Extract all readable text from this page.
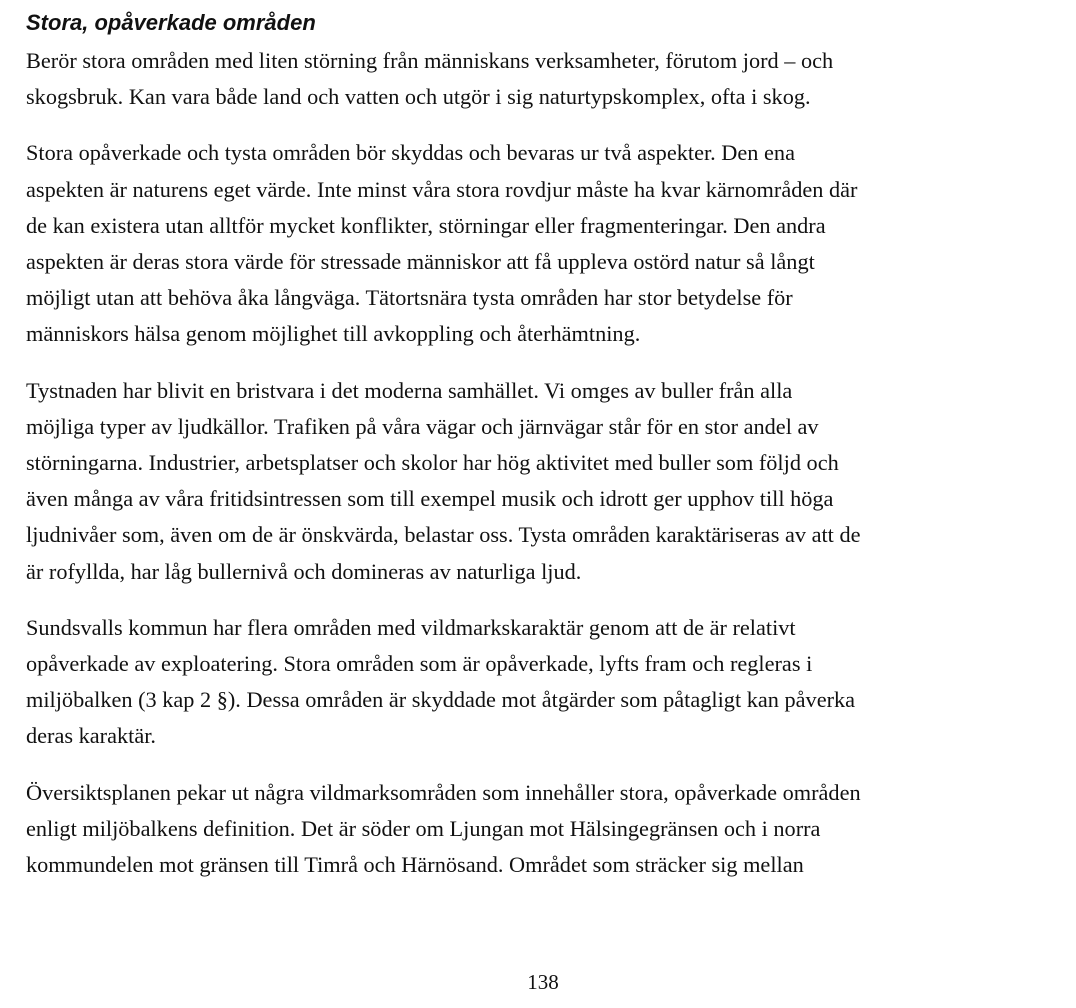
Stora, opåverkade områden

Berör stora områden med liten störning från människans verksamheter, förutom jord – och
skogsbruk. Kan vara både land och vatten och utgör i sig naturtypskomplex, ofta i skog.

Stora opåverkade och tysta områden bör skyddas och bevaras ur två aspekter. Den ena
aspekten är naturens eget värde. Inte minst våra stora rovdjur måste ha kvar kärnområden där
de kan existera utan alltför mycket konflikter, störningar eller fragmenteringar. Den andra
aspekten är deras stora värde för stressade människor att få uppleva ostörd natur så långt
möjligt utan att behöva åka långväga. Tätortsnära tysta områden har stor betydelse för
människors hälsa genom möjlighet till avkoppling och återhämtning.

Tystnaden har blivit en bristvara i det moderna samhället. Vi omges av buller från alla
möjliga typer av ljudkällor. Trafiken på våra vägar och järnvägar står för en stor andel av
störningarna. Industrier, arbetsplatser och skolor har hög aktivitet med buller som följd och
även många av våra fritidsintressen som till exempel musik och idrott ger upphov till höga
ljudnivåer som, även om de är önskvärda, belastar oss. Tysta områden karaktäriseras av att de
är rofyllda, har låg bullernivå och domineras av naturliga ljud.

Sundsvalls kommun har flera områden med vildmarkskaraktär genom att de är relativt
opåverkade av exploatering. Stora områden som är opåverkade, lyfts fram och regleras i
miljöbalken (3 kap 2 §). Dessa områden är skyddade mot åtgärder som påtagligt kan påverka
deras karaktär.

Översiktsplanen pekar ut några vildmarksområden som innehåller stora, opåverkade områden
enligt miljöbalkens definition. Det är söder om Ljungan mot Hälsingegränsen och i norra
kommundelen mot gränsen till Timrå och Härnösand. Området som sträcker sig mellan

138
